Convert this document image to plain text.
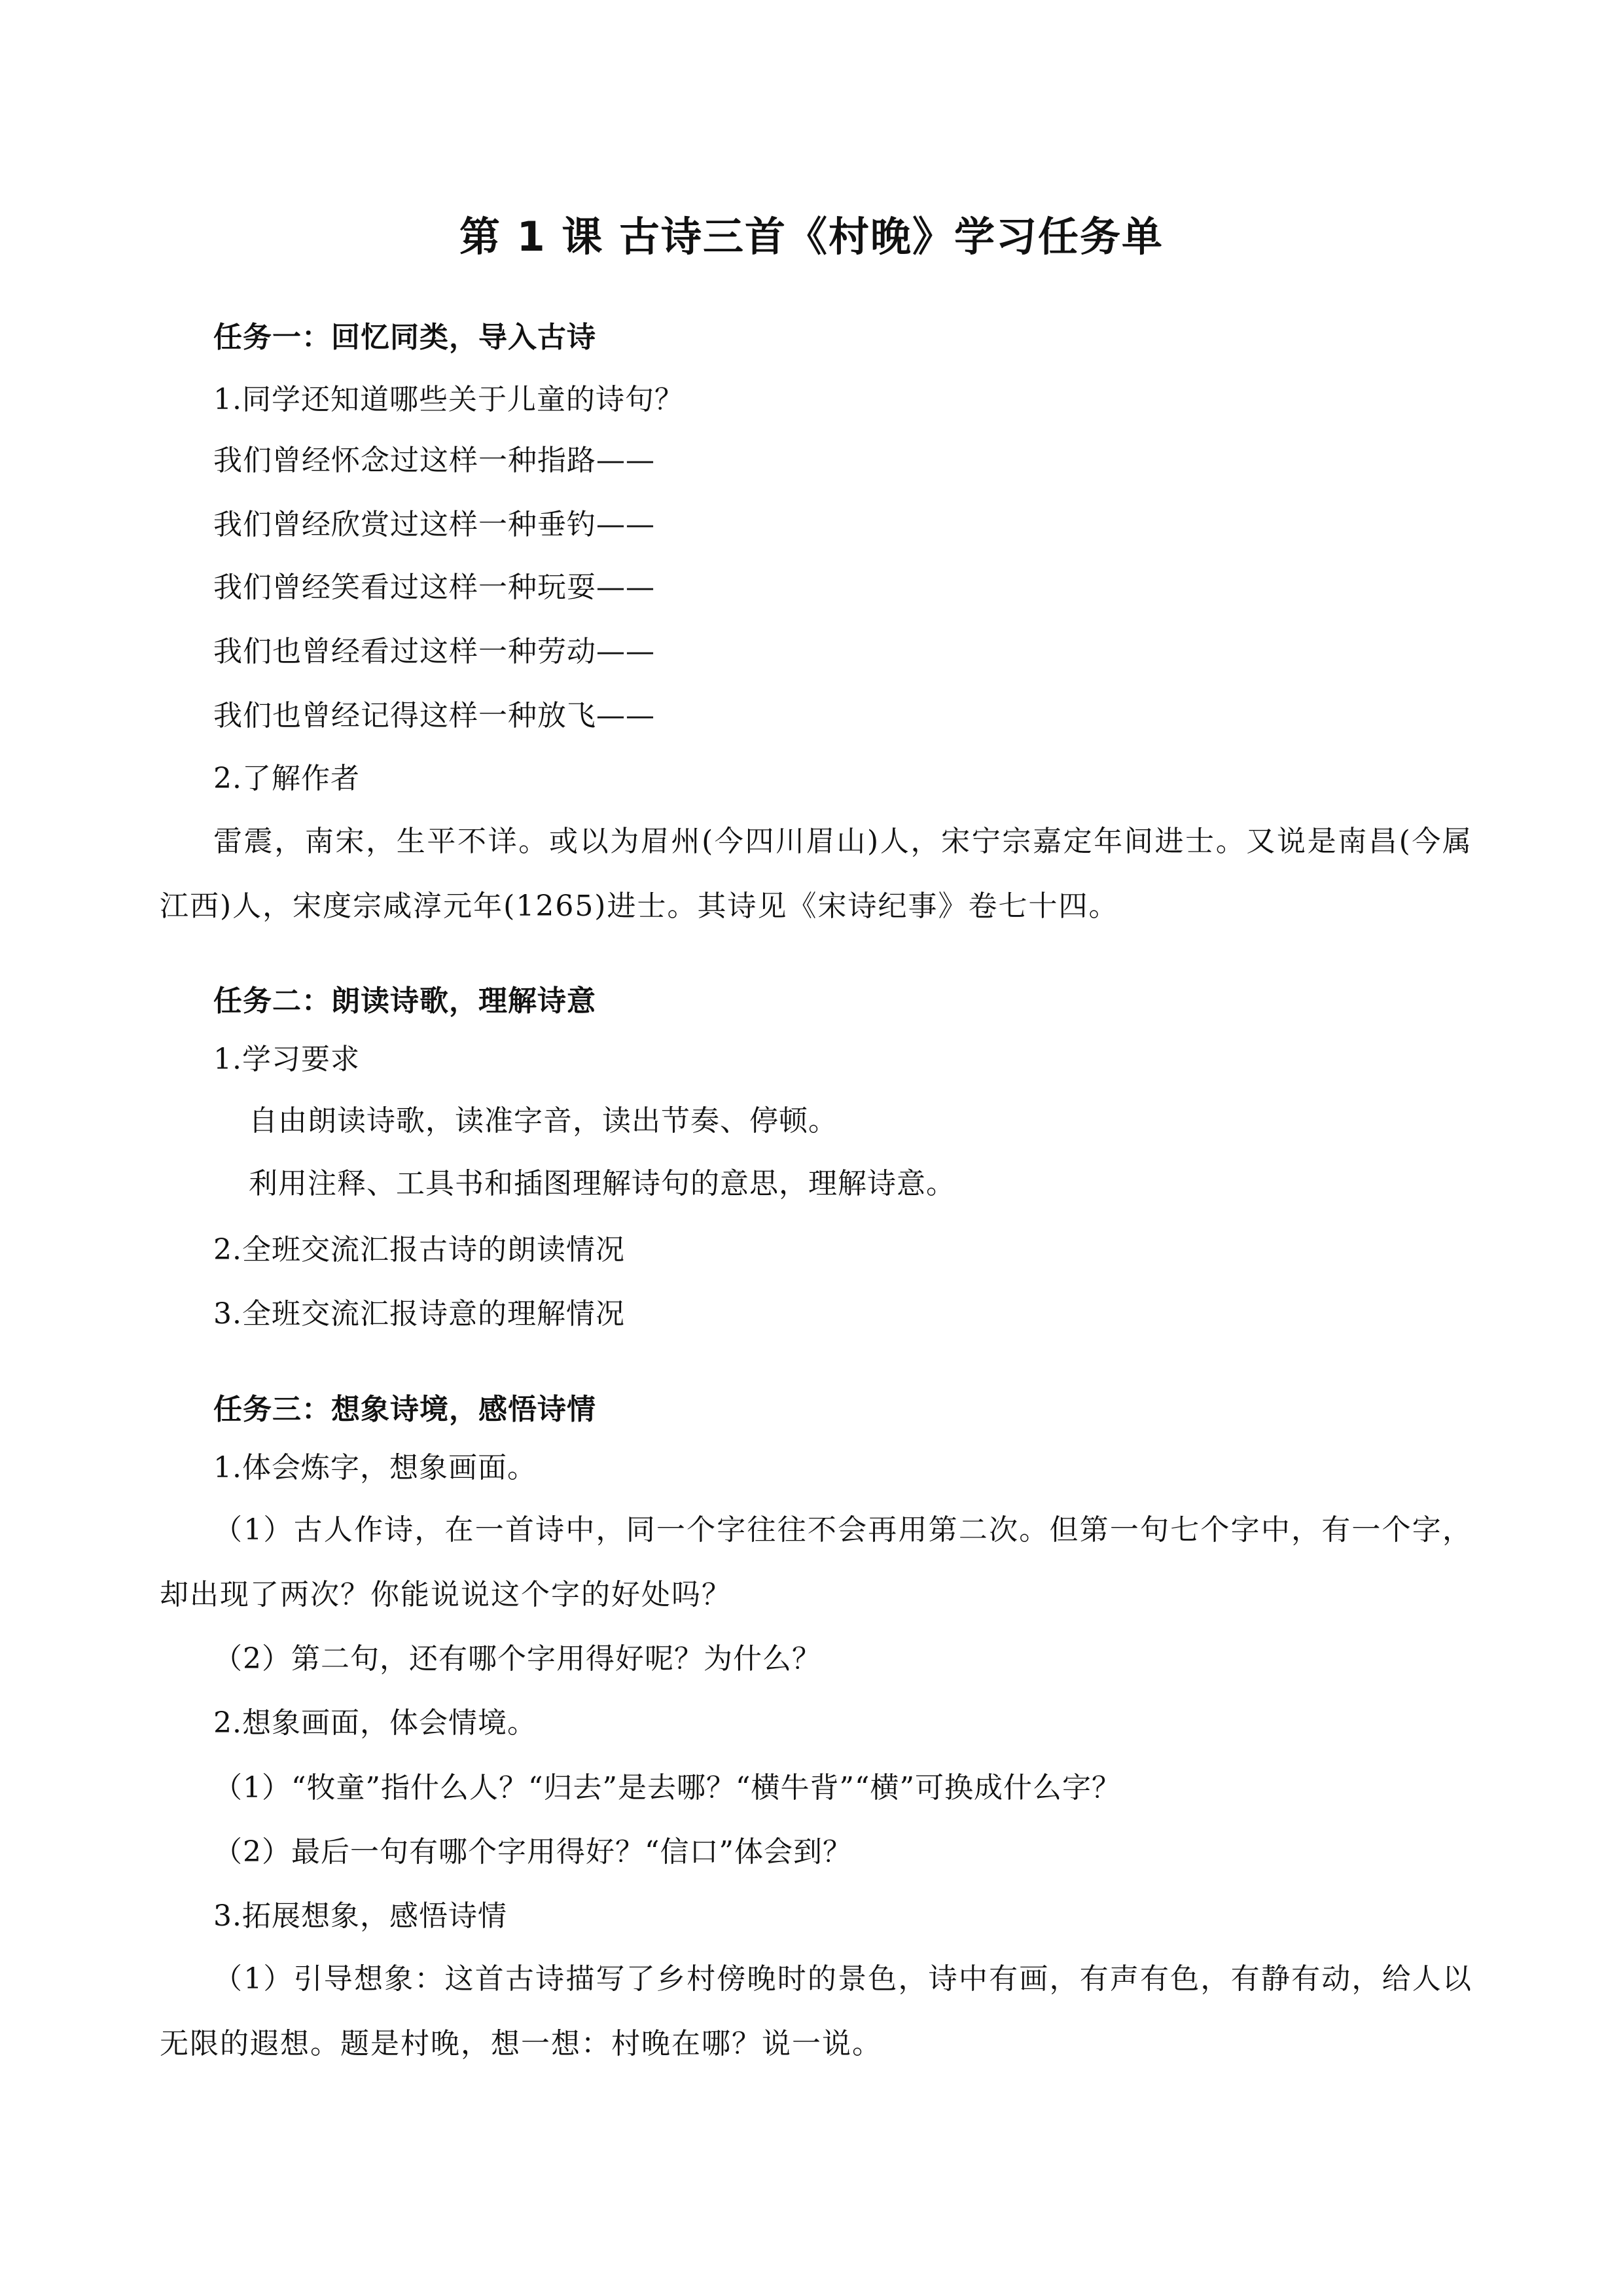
第 1 课 古诗三首《村晚》学习任务单
任务一：回忆同类，导入古诗
1.同学还知道哪些关于儿童的诗句？
我们曾经怀念过这样一种指路——
我们曾经欣赏过这样一种垂钓——
我们曾经笑看过这样一种玩耍——
我们也曾经看过这样一种劳动——
我们也曾经记得这样一种放飞——
2.了解作者
雷震，南宋，生平不详。或以为眉州(今四川眉山)人，宋宁宗嘉定年间进士。又说是南昌(今属江西)人，宋度宗咸淳元年(1265)进士。其诗见《宋诗纪事》卷七十四。
任务二：朗读诗歌，理解诗意
1.学习要求
自由朗读诗歌，读准字音，读出节奏、停顿。
利用注释、工具书和插图理解诗句的意思，理解诗意。
2.全班交流汇报古诗的朗读情况
3.全班交流汇报诗意的理解情况
任务三：想象诗境，感悟诗情
1.体会炼字，想象画面。
（1）古人作诗，在一首诗中，同一个字往往不会再用第二次。但第一句七个字中，有一个字，却出现了两次？你能说说这个字的好处吗？
（2）第二句，还有哪个字用得好呢？为什么？
2.想象画面，体会情境。
（1）“牧童”指什么人？“归去”是去哪？“横牛背”“横”可换成什么字？
（2）最后一句有哪个字用得好？“信口”体会到？
3.拓展想象，感悟诗情
（1）引导想象：这首古诗描写了乡村傍晚时的景色，诗中有画，有声有色，有静有动，给人以无限的遐想。题是村晚，想一想：村晚在哪？说一说。
